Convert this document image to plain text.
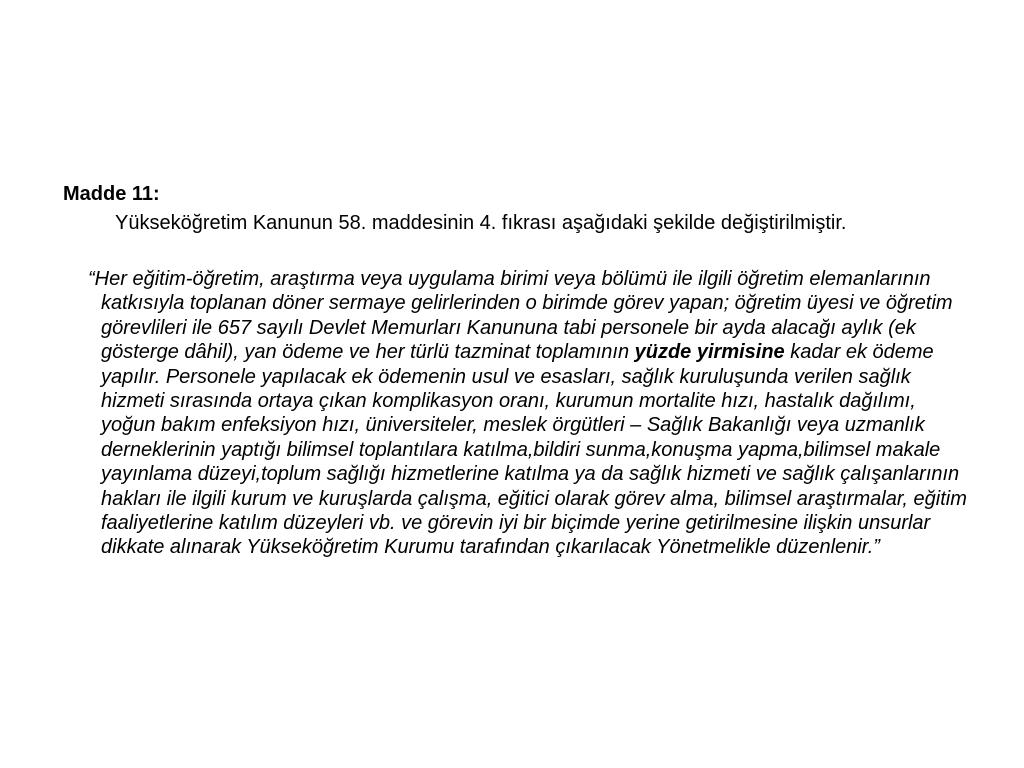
Madde 11:

Yükseköğretim Kanunun 58. maddesinin 4. fıkrası aşağıdaki şekilde değiştirilmiştir.

“Her eğitim-öğretim, araştırma veya uygulama birimi veya bölümü ile ilgili öğretim elemanlarının katkısıyla toplanan döner sermaye gelirlerinden o birimde görev yapan; öğretim üyesi ve öğretim görevlileri ile 657 sayılı Devlet Memurları Kanununa tabi personele bir ayda alacağı aylık (ek gösterge dâhil), yan ödeme ve her türlü tazminat toplamının yüzde yirmisine kadar ek ödeme yapılır. Personele yapılacak ek ödemenin usul ve esasları, sağlık kuruluşunda verilen sağlık hizmeti sırasında ortaya çıkan komplikasyon oranı, kurumun mortalite hızı, hastalık dağılımı, yoğun bakım enfeksiyon hızı, üniversiteler, meslek örgütleri – Sağlık Bakanlığı veya uzmanlık derneklerinin yaptığı bilimsel toplantılara katılma,bildiri sunma,konuşma yapma,bilimsel makale yayınlama düzeyi,toplum sağlığı hizmetlerine katılma ya da sağlık hizmeti ve sağlık çalışanlarının hakları ile ilgili kurum ve kuruşlarda çalışma, eğitici olarak görev alma, bilimsel araştırmalar, eğitim faaliyetlerine katılım düzeyleri vb. ve görevin iyi bir biçimde yerine getirilmesine ilişkin unsurlar dikkate alınarak Yükseköğretim Kurumu tarafından çıkarılacak Yönetmelikle düzenlenir.”
